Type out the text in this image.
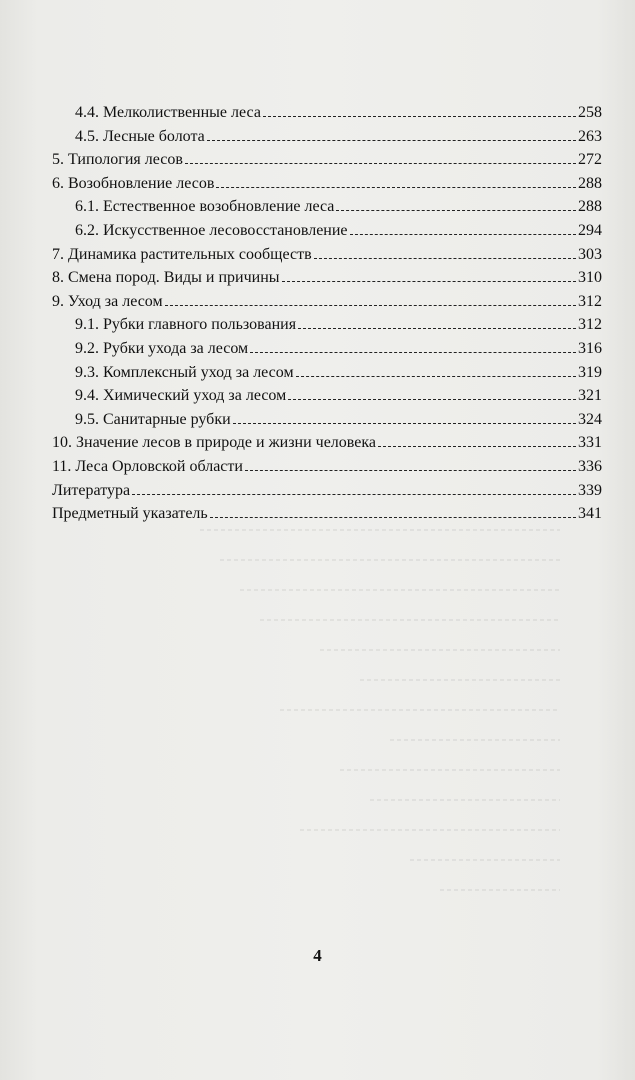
4.4. Мелколиственные леса	258
4.5. Лесные болота	263
5. Типология лесов	272
6. Возобновление лесов	288
6.1. Естественное возобновление леса	288
6.2. Искусственное лесовосстановление	294
7. Динамика растительных сообществ	303
8. Смена пород. Виды и причины	310
9. Уход за лесом	312
9.1. Рубки главного пользования	312
9.2. Рубки ухода за лесом	316
9.3. Комплексный уход за лесом	319
9.4. Химический уход за лесом	321
9.5. Санитарные рубки	324
10. Значение лесов в природе и жизни человека	331
11. Леса Орловской области	336
Литература	339
Предметный указатель	341
4
